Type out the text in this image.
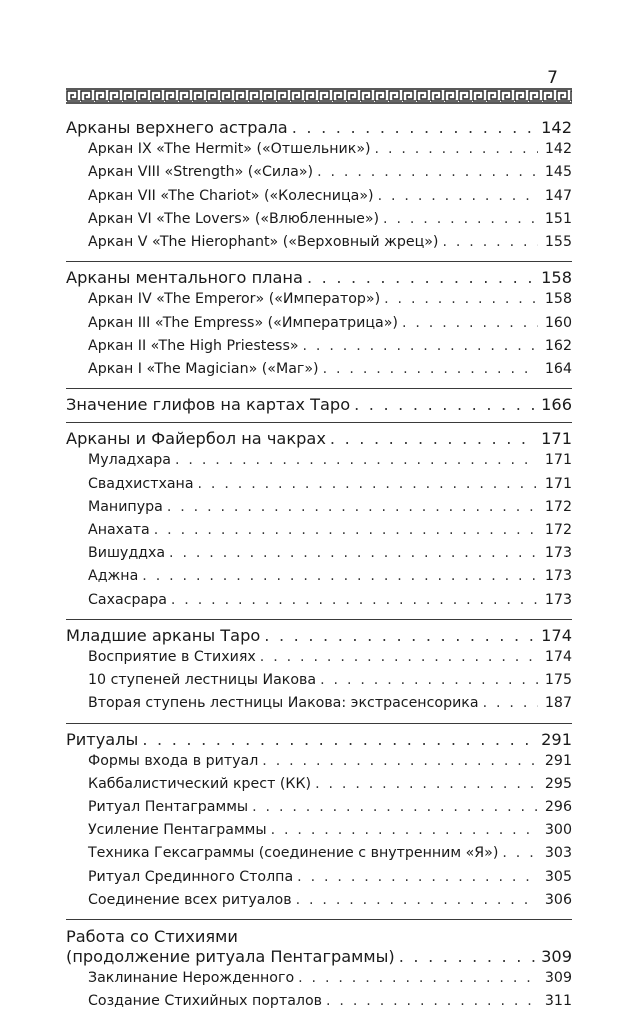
7
Арканы верхнего астрала . . .	142
Аркан IX «The Hermit» («Отшельник») . . .	142
Аркан VIII «Strength» («Сила») . . .	145
Аркан VII «The Chariot» («Колесница») . . .	147
Аркан VI «The Lovers» («Влюбленные») . . .	151
Аркан V «The Hierophant» («Верховный жрец») . . .	155
Арканы ментального плана . . .	158
Аркан IV «The Emperor» («Император») . . .	158
Аркан III «The Empress» («Императрица») . . .	160
Аркан II «The High Priestess» . . .	162
Аркан I «The Magician» («Маг») . . .	164
Значение глифов на картах Таро . . .	166
Арканы и Файербол на чакрах . . .	171
Муладхара . . .	171
Свадхистхана . . .	171
Манипура . . .	172
Анахата . . .	172
Вишуддха . . .	173
Аджна . . .	173
Сахасрара . . .	173
Младшие арканы Таро . . .	174
Восприятие в Стихиях . . .	174
10 ступеней лестницы Иакова . . .	175
Вторая ступень лестницы Иакова: экстрасенсорика . . .	187
Ритуалы . . .	291
Формы входа в ритуал . . .	291
Каббалистический крест (КК) . . .	295
Ритуал Пентаграммы . . .	296
Усиление Пентаграммы . . .	300
Техника Гексаграммы (соединение с внутренним «Я») . . .	303
Ритуал Срединного Столпа . . .	305
Соединение всех ритуалов . . .	306
Работа со Стихиями
(продолжение ритуала Пентаграммы) . . .	309
Заклинание Нерожденного . . .	309
Создание Стихийных порталов . . .	311
